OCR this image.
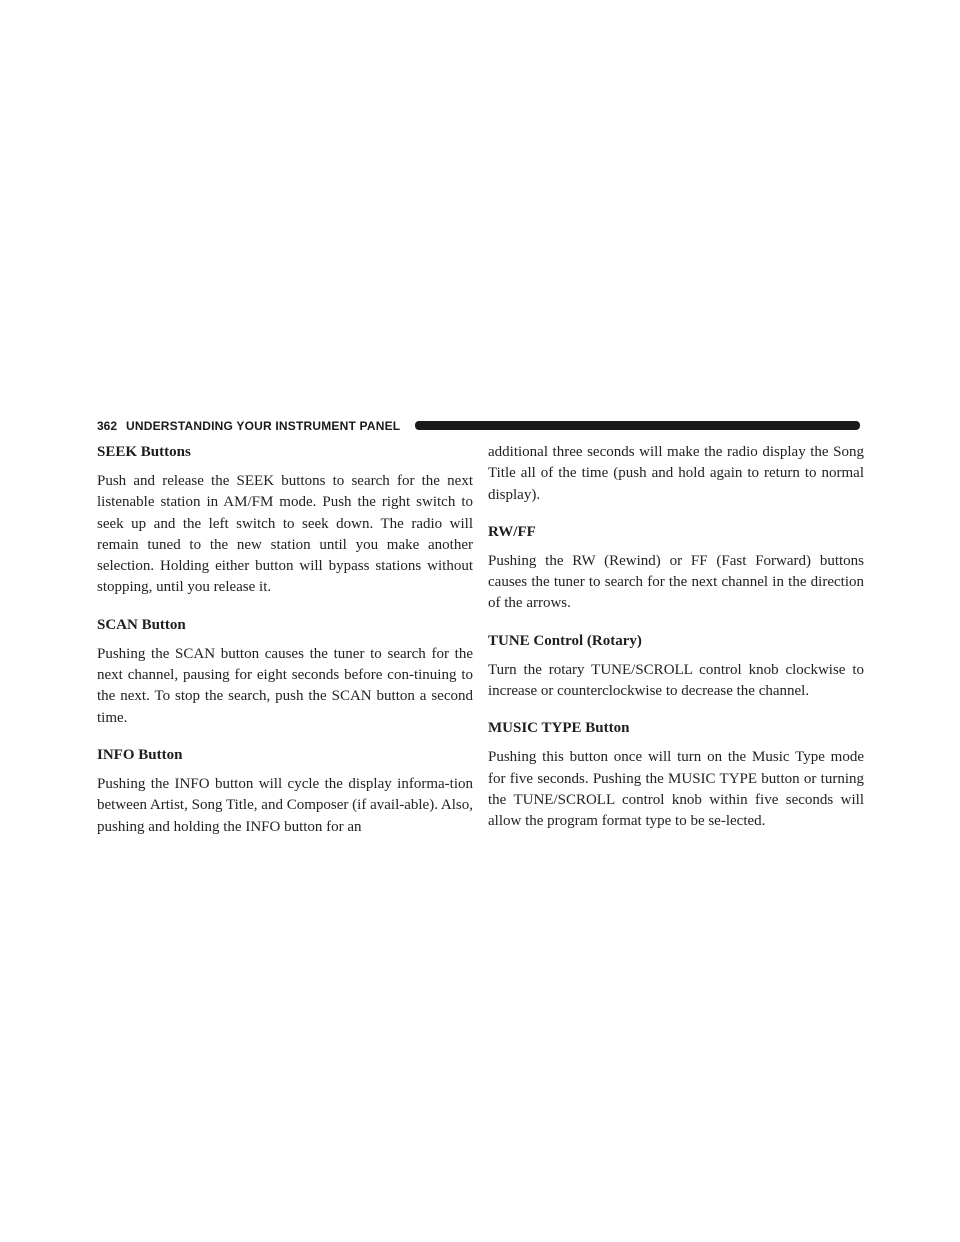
362 UNDERSTANDING YOUR INSTRUMENT PANEL
SEEK Buttons

Push and release the SEEK buttons to search for the next listenable station in AM/FM mode. Push the right switch to seek up and the left switch to seek down. The radio will remain tuned to the new station until you make another selection. Holding either button will bypass stations without stopping, until you release it.

SCAN Button

Pushing the SCAN button causes the tuner to search for the next channel, pausing for eight seconds before con-tinuing to the next. To stop the search, push the SCAN button a second time.

INFO Button

Pushing the INFO button will cycle the display informa-tion between Artist, Song Title, and Composer (if avail-able). Also, pushing and holding the INFO button for an

additional three seconds will make the radio display the Song Title all of the time (push and hold again to return to normal display).

RW/FF

Pushing the RW (Rewind) or FF (Fast Forward) buttons causes the tuner to search for the next channel in the direction of the arrows.

TUNE Control (Rotary)

Turn the rotary TUNE/SCROLL control knob clockwise to increase or counterclockwise to decrease the channel.

MUSIC TYPE Button

Pushing this button once will turn on the Music Type mode for five seconds. Pushing the MUSIC TYPE button or turning the TUNE/SCROLL control knob within five seconds will allow the program format type to be se-lected.
